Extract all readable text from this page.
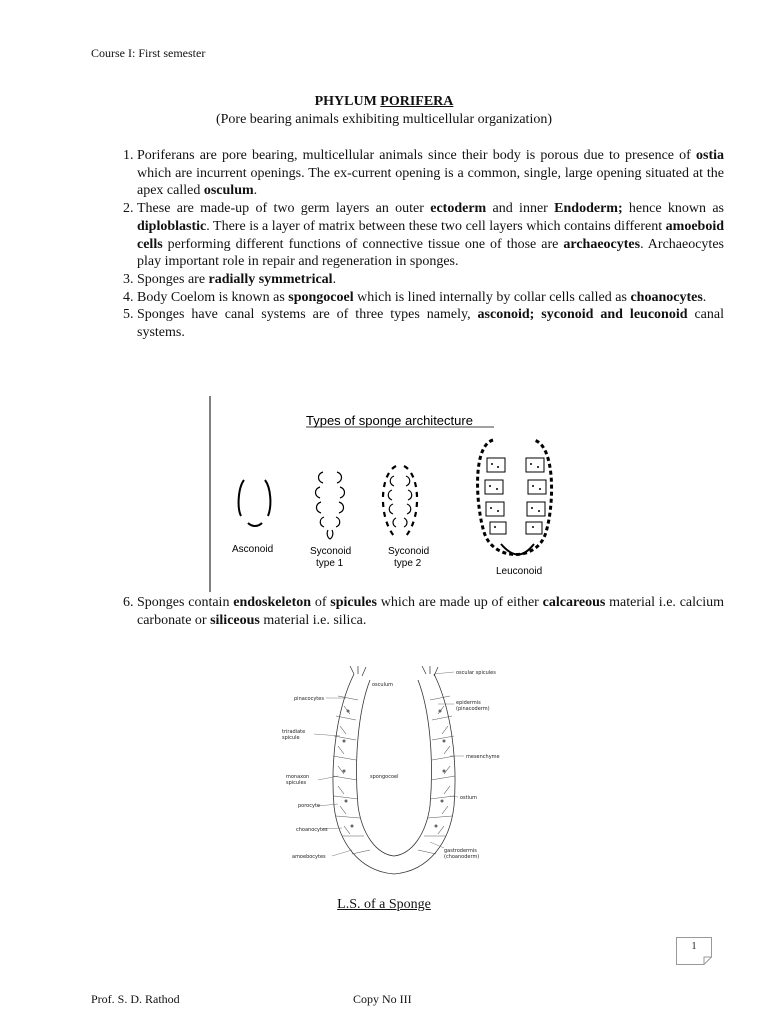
Course I: First semester
PHYLUM PORIFERA
(Pore bearing animals exhibiting multicellular organization)
1. Poriferans are pore bearing, multicellular animals since their body is porous due to presence of ostia which are incurrent openings. The ex-current opening is a common, single, large opening situated at the apex called osculum.
2. These are made-up of two germ layers an outer ectoderm and inner Endoderm; hence known as diploblastic. There is a layer of matrix between these two cell layers which contains different amoeboid cells performing different functions of connective tissue one of those are archaeocytes. Archaeocytes play important role in repair and regeneration in sponges.
3. Sponges are radially symmetrical.
4. Body Coelom is known as spongocoel which is lined internally by collar cells called as choanocytes.
5. Sponges have canal systems are of three types namely, asconoid; syconoid and leuconoid canal systems.
Types of sponge architecture
Asconoid	Syconoid
type 1
Syconoid
type 2
Leuconoid
6. Sponges contain endoskeleton of spicules which are made up of either calcareous material i.e. calcium carbonate or siliceous material i.e. silica.
oscular spicules
osculum
pinacocytes
epidermis
(pinacoderm)
triradiate
spicule
mesenchyme
monaxon
spicules
spongocoel
ostium
porocyte
choanocytes
gastrodermis
(choanoderm)
amoebocytes
L.S. of a Sponge
1
Prof. S. D. Rathod	Copy No III
